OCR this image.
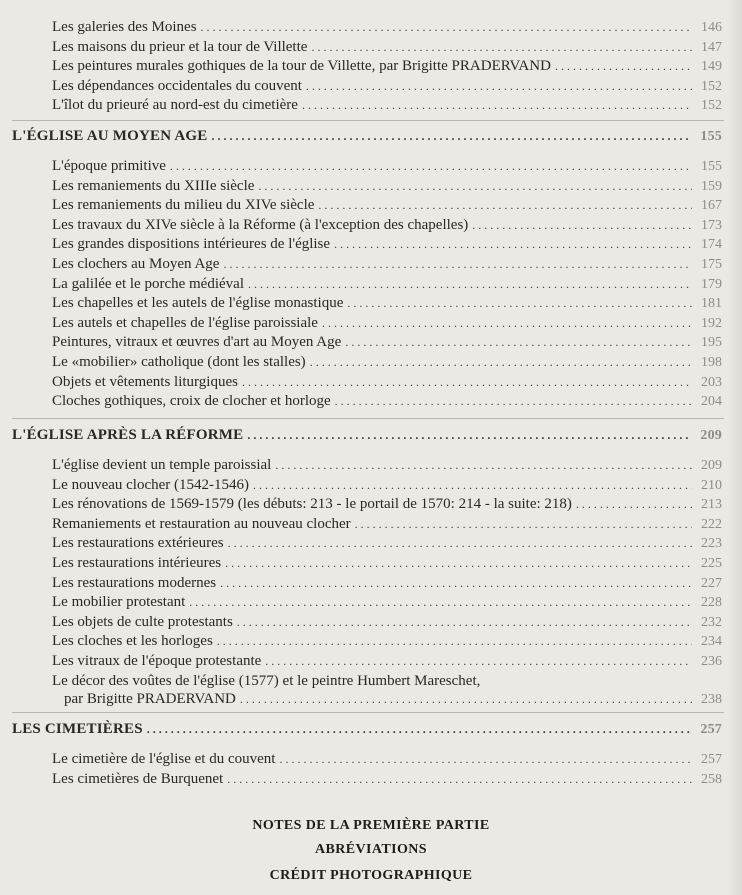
Les galeries des Moines . . .	146
Les maisons du prieur et la tour de Villette . . .	147
Les peintures murales gothiques de la tour de Villette, par Brigitte PRADERVAND . . .	149
Les dépendances occidentales du couvent . . .	152
L'îlot du prieuré au nord-est du cimetière . . .	152
L'ÉGLISE AU MOYEN AGE . . .	155
L'époque primitive . . .	155
Les remaniements du XIIIe siècle . . .	159
Les remaniements du milieu du XIVe siècle . . .	167
Les travaux du XIVe siècle à la Réforme (à l'exception des chapelles) . . .	173
Les grandes dispositions intérieures de l'église . . .	174
Les clochers au Moyen Age . . .	175
La galilée et le porche médiéval . . .	179
Les chapelles et les autels de l'église monastique . . .	181
Les autels et chapelles de l'église paroissiale . . .	192
Peintures, vitraux et œuvres d'art au Moyen Age . . .	195
Le «mobilier» catholique (dont les stalles) . . .	198
Objets et vêtements liturgiques . . .	203
Cloches gothiques, croix de clocher et horloge . . .	204
L'ÉGLISE APRÈS LA RÉFORME . . .	209
L'église devient un temple paroissial . . .	209
Le nouveau clocher (1542-1546) . . .	210
Les rénovations de 1569-1579 (les débuts: 213 - le portail de 1570: 214 - la suite: 218) . . .	213
Remaniements et restauration au nouveau clocher . . .	222
Les restaurations extérieures . . .	223
Les restaurations intérieures . . .	225
Les restaurations modernes . . .	227
Le mobilier protestant . . .	228
Les objets de culte protestants . . .	232
Les cloches et les horloges . . .	234
Les vitraux de l'époque protestante . . .	236
Le décor des voûtes de l'église (1577) et le peintre Humbert Mareschet,
par Brigitte PRADERVAND . . .	238
LES CIMETIÈRES . . .	257
Le cimetière de l'église et du couvent . . .	257
Les cimetières de Burquenet . . .	258
NOTES DE LA PREMIÈRE PARTIE
ABRÉVIATIONS
CRÉDIT PHOTOGRAPHIQUE
